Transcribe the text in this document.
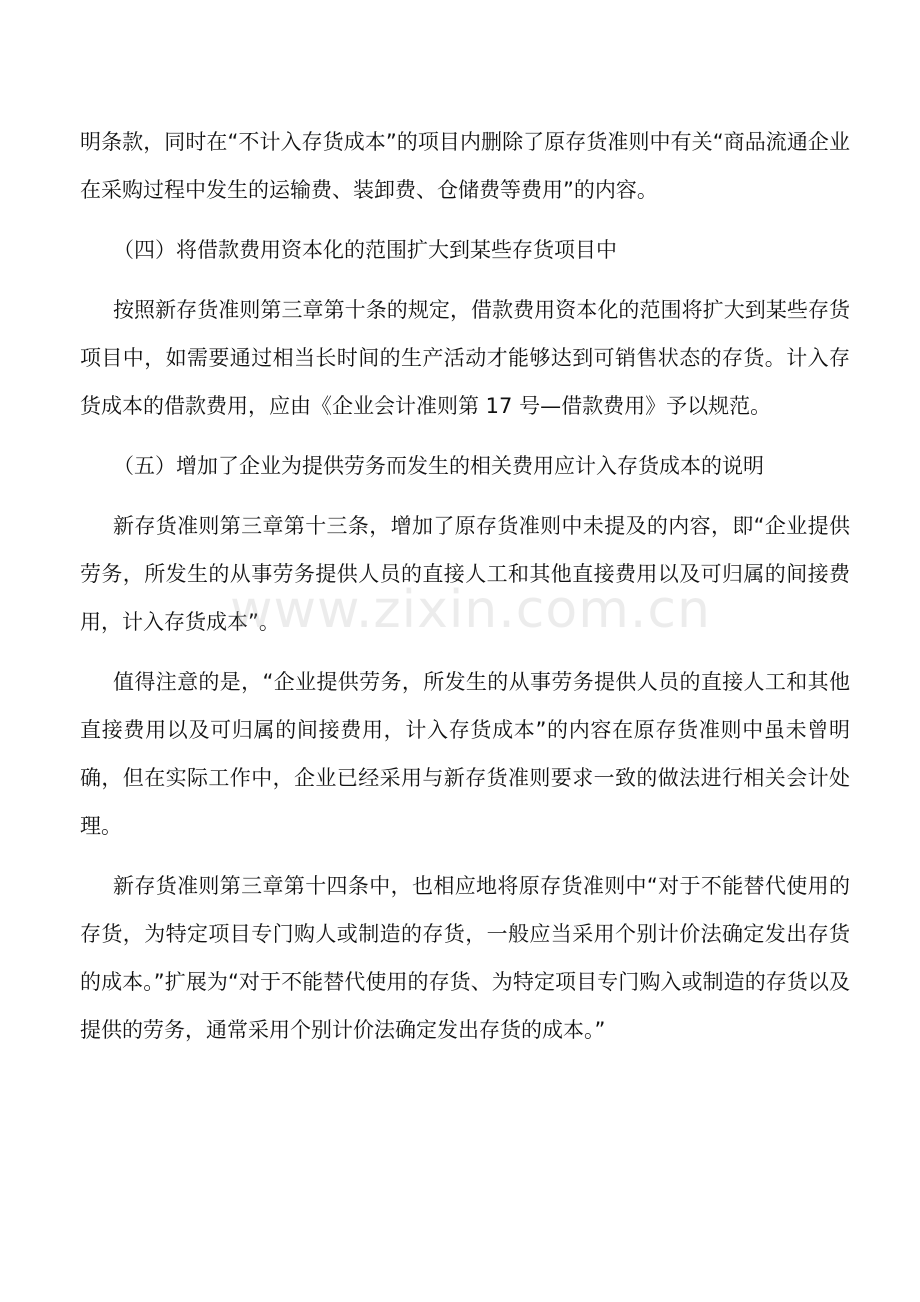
明条款，同时在“不计入存货成本”的项目内删除了原存货准则中有关“商品流通企业在采购过程中发生的运输费、装卸费、仓储费等费用”的内容。

（四）将借款费用资本化的范围扩大到某些存货项目中

按照新存货准则第三章第十条的规定，借款费用资本化的范围将扩大到某些存货项目中，如需要通过相当长时间的生产活动才能够达到可销售状态的存货。计入存货成本的借款费用，应由《企业会计准则第 17 号—借款费用》予以规范。

（五）增加了企业为提供劳务而发生的相关费用应计入存货成本的说明

新存货准则第三章第十三条，增加了原存货准则中未提及的内容，即“企业提供劳务，所发生的从事劳务提供人员的直接人工和其他直接费用以及可归属的间接费用，计入存货成本”。

值得注意的是，“企业提供劳务，所发生的从事劳务提供人员的直接人工和其他直接费用以及可归属的间接费用，计入存货成本”的内容在原存货准则中虽未曾明确，但在实际工作中，企业已经采用与新存货准则要求一致的做法进行相关会计处理。

新存货准则第三章第十四条中，也相应地将原存货准则中“对于不能替代使用的存货，为特定项目专门购人或制造的存货，一般应当采用个别计价法确定发出存货的成本。”扩展为“对于不能替代使用的存货、为特定项目专门购入或制造的存货以及提供的劳务，通常采用个别计价法确定发出存货的成本。”

www.zixin.com.cn
